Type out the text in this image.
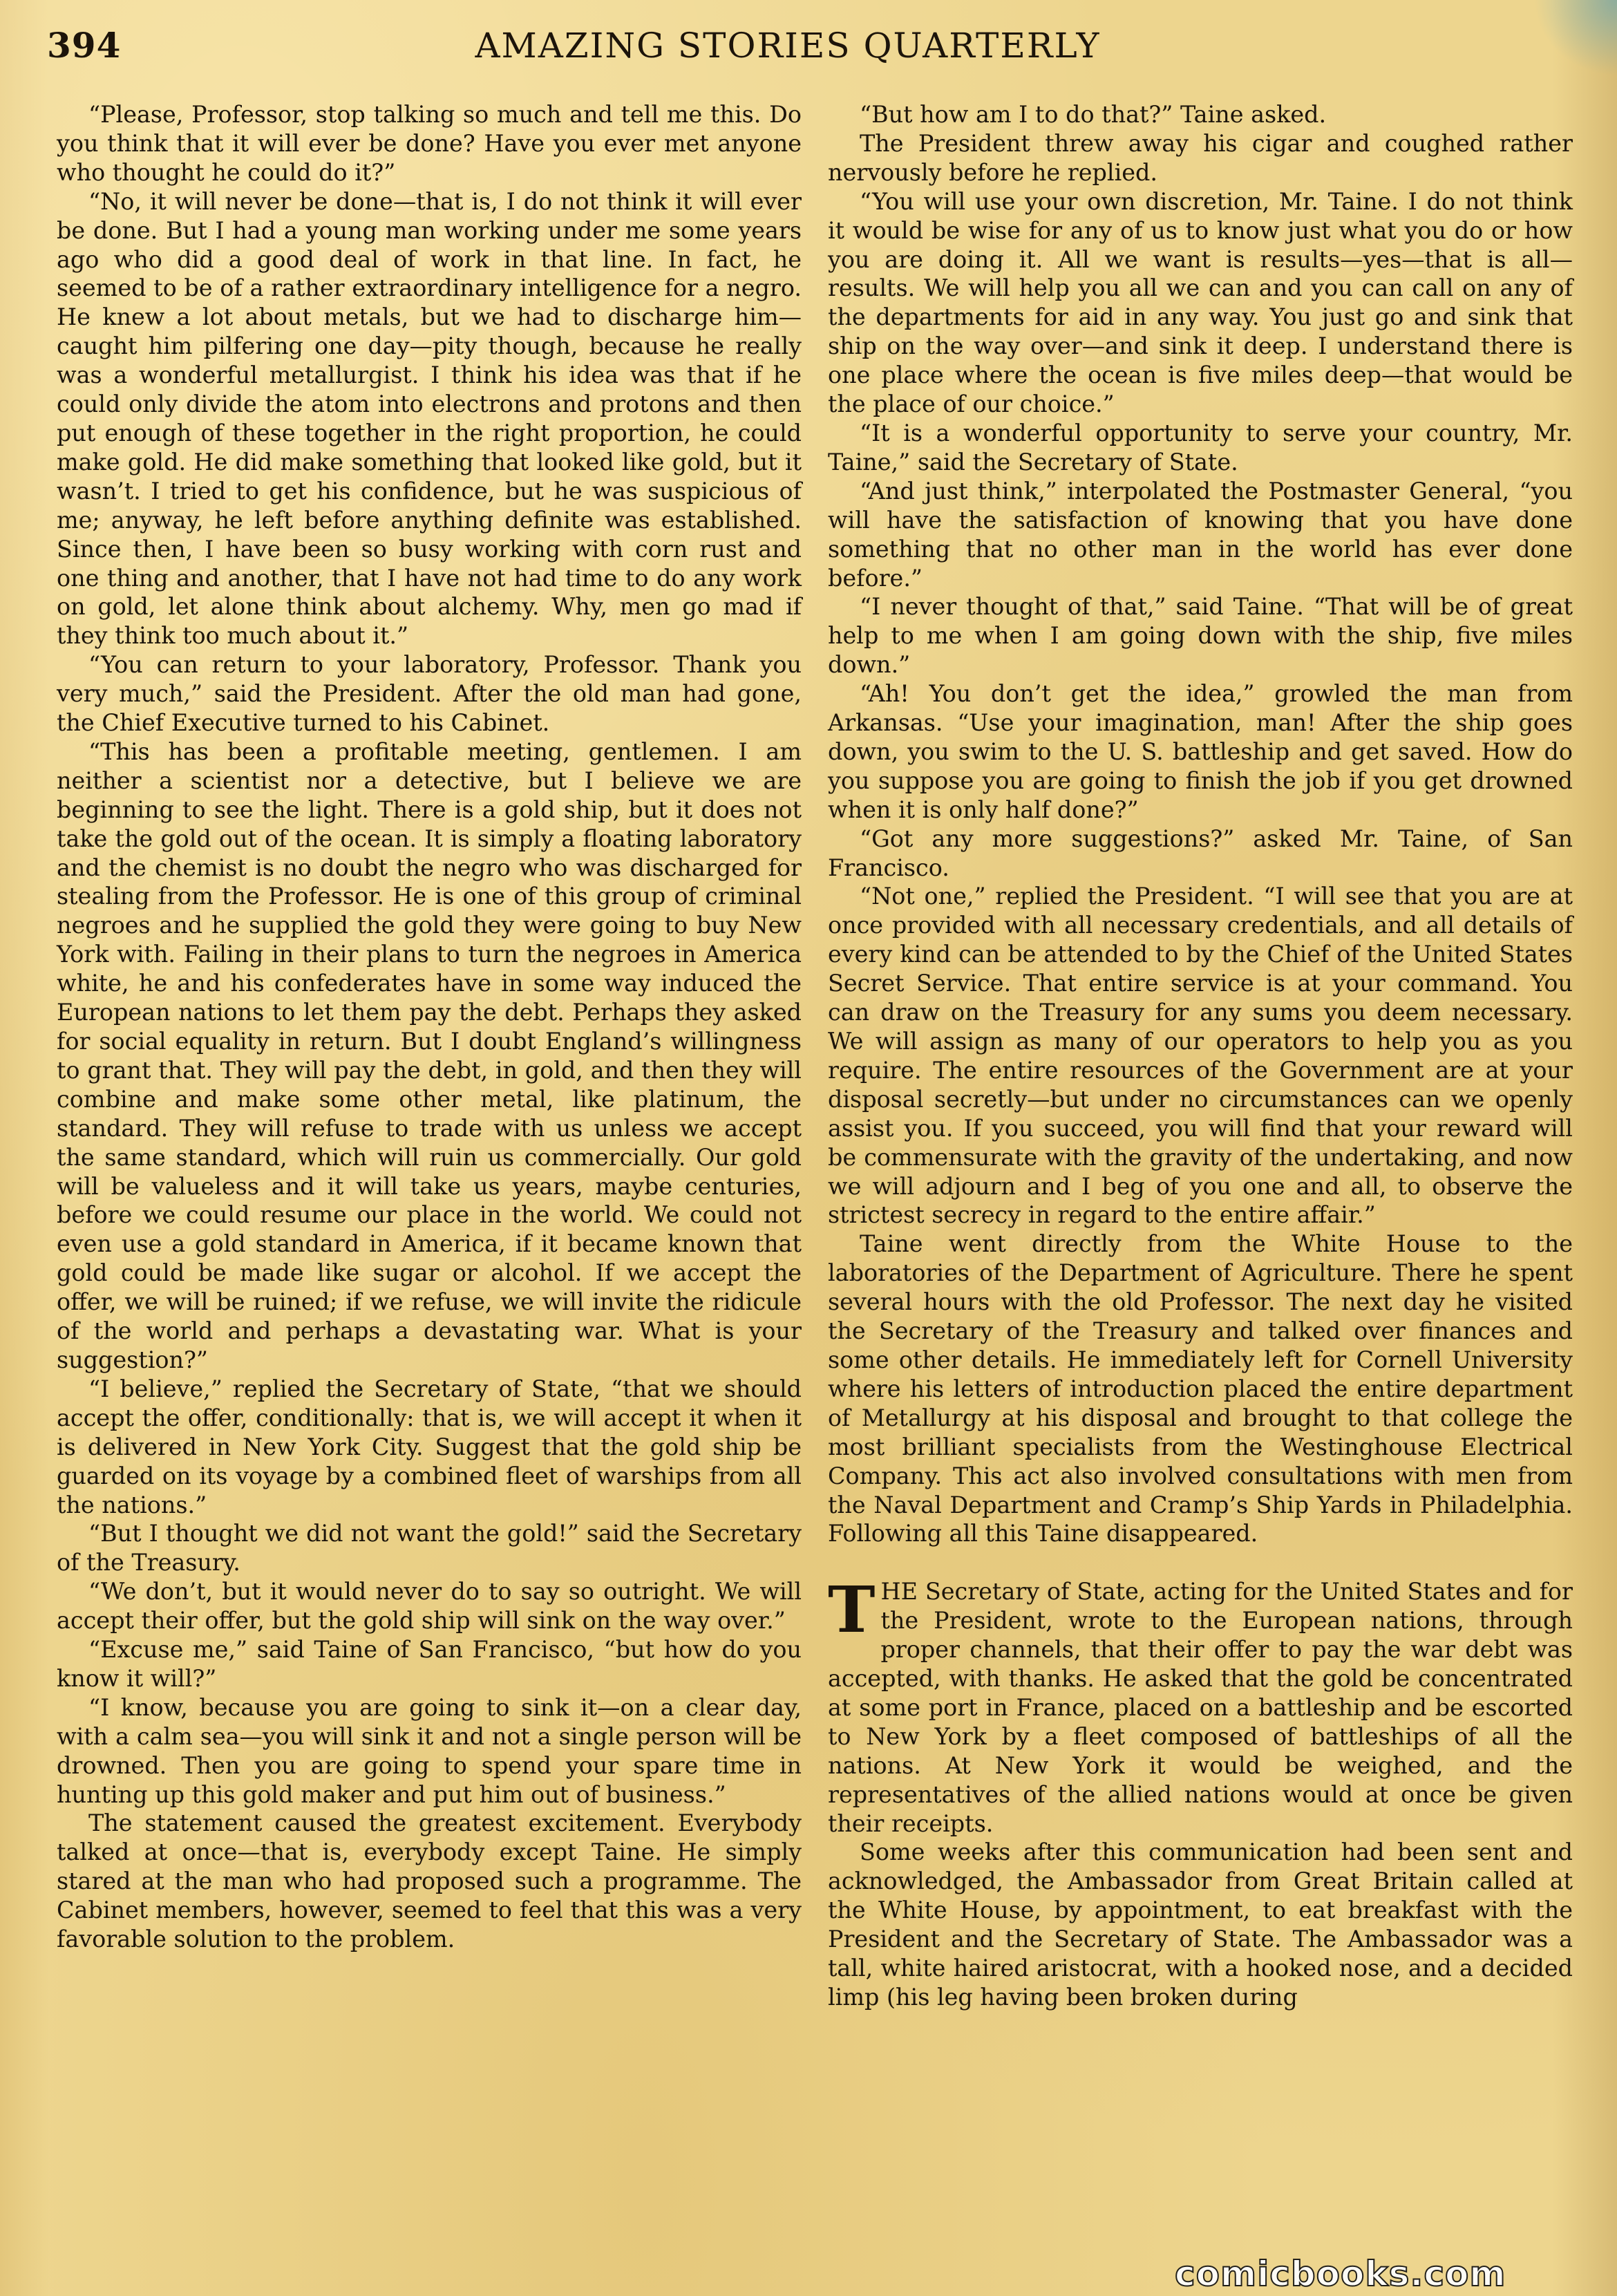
394	AMAZING STORIES QUARTERLY

“Please, Professor, stop talking so much and tell me this. Do you think that it will ever be done? Have you ever met anyone who thought he could do it?”

“No, it will never be done—that is, I do not think it will ever be done. But I had a young man working under me some years ago who did a good deal of work in that line. In fact, he seemed to be of a rather extraordinary intelligence for a negro. He knew a lot about metals, but we had to discharge him—caught him pilfering one day—pity though, because he really was a wonderful metallurgist. I think his idea was that if he could only divide the atom into electrons and protons and then put enough of these together in the right proportion, he could make gold. He did make something that looked like gold, but it wasn’t. I tried to get his confidence, but he was suspicious of me; anyway, he left before anything definite was established. Since then, I have been so busy working with corn rust and one thing and another, that I have not had time to do any work on gold, let alone think about alchemy. Why, men go mad if they think too much about it.”

“You can return to your laboratory, Professor. Thank you very much,” said the President. After the old man had gone, the Chief Executive turned to his Cabinet.

“This has been a profitable meeting, gentlemen. I am neither a scientist nor a detective, but I believe we are beginning to see the light. There is a gold ship, but it does not take the gold out of the ocean. It is simply a floating laboratory and the chemist is no doubt the negro who was discharged for stealing from the Professor. He is one of this group of criminal negroes and he supplied the gold they were going to buy New York with. Failing in their plans to turn the negroes in America white, he and his confederates have in some way induced the European nations to let them pay the debt. Perhaps they asked for social equality in return. But I doubt England’s willingness to grant that. They will pay the debt, in gold, and then they will combine and make some other metal, like platinum, the standard. They will refuse to trade with us unless we accept the same standard, which will ruin us commercially. Our gold will be valueless and it will take us years, maybe centuries, before we could resume our place in the world. We could not even use a gold standard in America, if it became known that gold could be made like sugar or alcohol. If we accept the offer, we will be ruined; if we refuse, we will invite the ridicule of the world and perhaps a devastating war. What is your suggestion?”

“I believe,” replied the Secretary of State, “that we should accept the offer, conditionally: that is, we will accept it when it is delivered in New York City. Suggest that the gold ship be guarded on its voyage by a combined fleet of warships from all the nations.”

“But I thought we did not want the gold!” said the Secretary of the Treasury.

“We don’t, but it would never do to say so outright. We will accept their offer, but the gold ship will sink on the way over.”

“Excuse me,” said Taine of San Francisco, “but how do you know it will?”

“I know, because you are going to sink it—on a clear day, with a calm sea—you will sink it and not a single person will be drowned. Then you are going to spend your spare time in hunting up this gold maker and put him out of business.”

The statement caused the greatest excitement. Everybody talked at once—that is, everybody except Taine. He simply stared at the man who had proposed such a programme. The Cabinet members, however, seemed to feel that this was a very favorable solution to the problem.

“But how am I to do that?” Taine asked.

The President threw away his cigar and coughed rather nervously before he replied.

“You will use your own discretion, Mr. Taine. I do not think it would be wise for any of us to know just what you do or how you are doing it. All we want is results—yes—that is all—results. We will help you all we can and you can call on any of the departments for aid in any way. You just go and sink that ship on the way over—and sink it deep. I understand there is one place where the ocean is five miles deep—that would be the place of our choice.”

“It is a wonderful opportunity to serve your country, Mr. Taine,” said the Secretary of State.

“And just think,” interpolated the Postmaster General, “you will have the satisfaction of knowing that you have done something that no other man in the world has ever done before.”

“I never thought of that,” said Taine. “That will be of great help to me when I am going down with the ship, five miles down.”

“Ah! You don’t get the idea,” growled the man from Arkansas. “Use your imagination, man! After the ship goes down, you swim to the U. S. battleship and get saved. How do you suppose you are going to finish the job if you get drowned when it is only half done?”

“Got any more suggestions?” asked Mr. Taine, of San Francisco.

“Not one,” replied the President. “I will see that you are at once provided with all necessary credentials, and all details of every kind can be attended to by the Chief of the United States Secret Service. That entire service is at your command. You can draw on the Treasury for any sums you deem necessary. We will assign as many of our operators to help you as you require. The entire resources of the Government are at your disposal secretly—but under no circumstances can we openly assist you. If you succeed, you will find that your reward will be commensurate with the gravity of the undertaking, and now we will adjourn and I beg of you one and all, to observe the strictest secrecy in regard to the entire affair.”

Taine went directly from the White House to the laboratories of the Department of Agriculture. There he spent several hours with the old Professor. The next day he visited the Secretary of the Treasury and talked over finances and some other details. He immediately left for Cornell University where his letters of introduction placed the entire department of Metallurgy at his disposal and brought to that college the most brilliant specialists from the Westinghouse Electrical Company. This act also involved consultations with men from the Naval Department and Cramp’s Ship Yards in Philadelphia. Following all this Taine disappeared.

THE Secretary of State, acting for the United States and for the President, wrote to the European nations, through proper channels, that their offer to pay the war debt was accepted, with thanks. He asked that the gold be concentrated at some port in France, placed on a battleship and be escorted to New York by a fleet composed of battleships of all the nations. At New York it would be weighed, and the representatives of the allied nations would at once be given their receipts.

Some weeks after this communication had been sent and acknowledged, the Ambassador from Great Britain called at the White House, by appointment, to eat breakfast with the President and the Secretary of State. The Ambassador was a tall, white haired aristocrat, with a hooked nose, and a decided limp (his leg having been broken during

comicbooks.com
